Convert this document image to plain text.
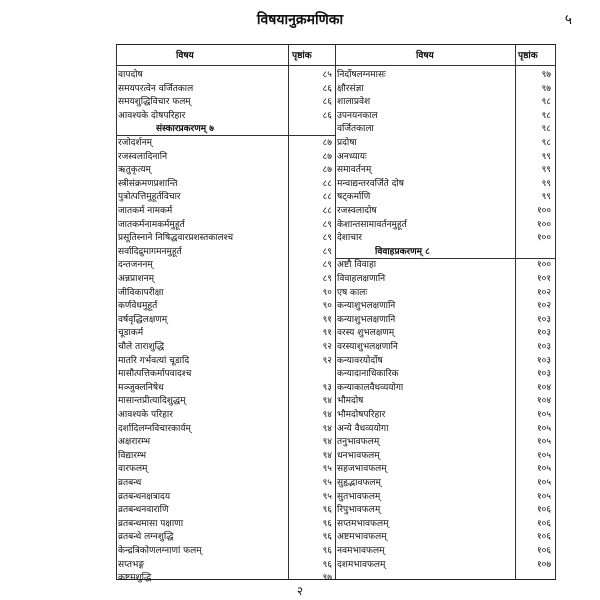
विषयानुक्रमणिका	५
विषय	पृष्ठांक	विषय	पृष्ठांक
वापदोष	८५
समयपरत्वेन वर्जितकाल	८६
समयशुद्धिविचार फलम्	८६
आवश्यके दोषपरिहार	८६
संस्कारप्रकरणम् ७
रजोदर्शनम्	८७
रजस्वलादिनानि	८७
ऋतुकृत्यम्	८७
स्त्रीसंक्रमणप्रशान्ति	८८
पुत्रोत्पत्तिमुहूर्तविचार	८८
जातकर्म नामकर्म	८८
जातकर्मनामकर्ममुहूर्त	८९
प्रसूतिस्नाने निषिद्धवारप्रशस्तकालश्च	८९
सर्वादिद्रुमागमनमुहूर्त	८९
दन्तजननम्	८९
अन्नप्राशनम्	८९
जीविकापरीक्षा	९०
कर्णवेधमुहूर्त	९०
वर्षवृद्धिलक्षणम्	९१
चूडाकर्म	९१
चौले ताराशुद्धि	९२
मातरि गर्भवत्यां चूडादि	९२
मासौत्पत्तिकर्मापवादश्च
मञ्जुक्लनिषेध	९३
मासान्तप्रीत्यादिशुद्धम्	९४
आवश्यके परिहार	९४
दर्शादिलग्नविचारकार्यम्	९४
अक्षरारम्भ	९४
विद्यारम्भ	९४
वारफलम्	९५
व्रतबन्ध	९५
व्रतबन्धनक्षत्रादय	९५
व्रतबन्धनवाराणि	९६
व्रतबन्धमासा पक्षाणा	९६
व्रतबन्धे लग्नशुद्धि	९६
केन्द्रत्रिकोणलग्नाणां फलम्	९६
सप्तभङ्ग	९६
कष्टमशुद्धि	९७
निर्दोषलग्नमासः	९७
क्षौरसंज्ञा	९७
शालाप्रवेश	९८
उपनयनकाल	९८
वर्जितकाला	९८
प्रदोषा	९८
अनध्यायः	९९
समावर्तनम्	९९
मन्वाद्यन्तरवर्जिते दोष	९९
षट्कर्माणि	९९
रजस्वलादोष	१००
केशान्तसामावर्तनमुहूर्त	१००
देशाचार	१००
विवाहप्रकरणम् ८
अष्टौ विवाहा	१००
विवाहलक्षणानि	१०१
एष कालः	१०२
कन्याशुभलक्षणानि	१०२
कन्याशुभलक्षणानि	१०३
वरस्य शुभलक्षणम्	१०३
वरस्याशुभलक्षणानि	१०३
कन्यावरयोर्दोष	१०३
कन्यादानाधिकारिक	१०३
कन्याकालवैधव्ययोगा	१०४
भौमदोष	१०४
भौमदोषपरिहार	१०५
अन्ये वैधव्ययोगा	१०५
तनुभावफलम्	१०५
धनभावफलम्	१०५
सहजभावफलम्	१०५
सुहृद्भावफलम्	१०५
सुतभावफलम्	१०५
रिपुभावफलम्	१०६
सप्तमभावफलम्	१०६
अष्टमभावफलम्	१०६
नवमभावफलम्	१०६
दशमभावफलम्	१०७
२
